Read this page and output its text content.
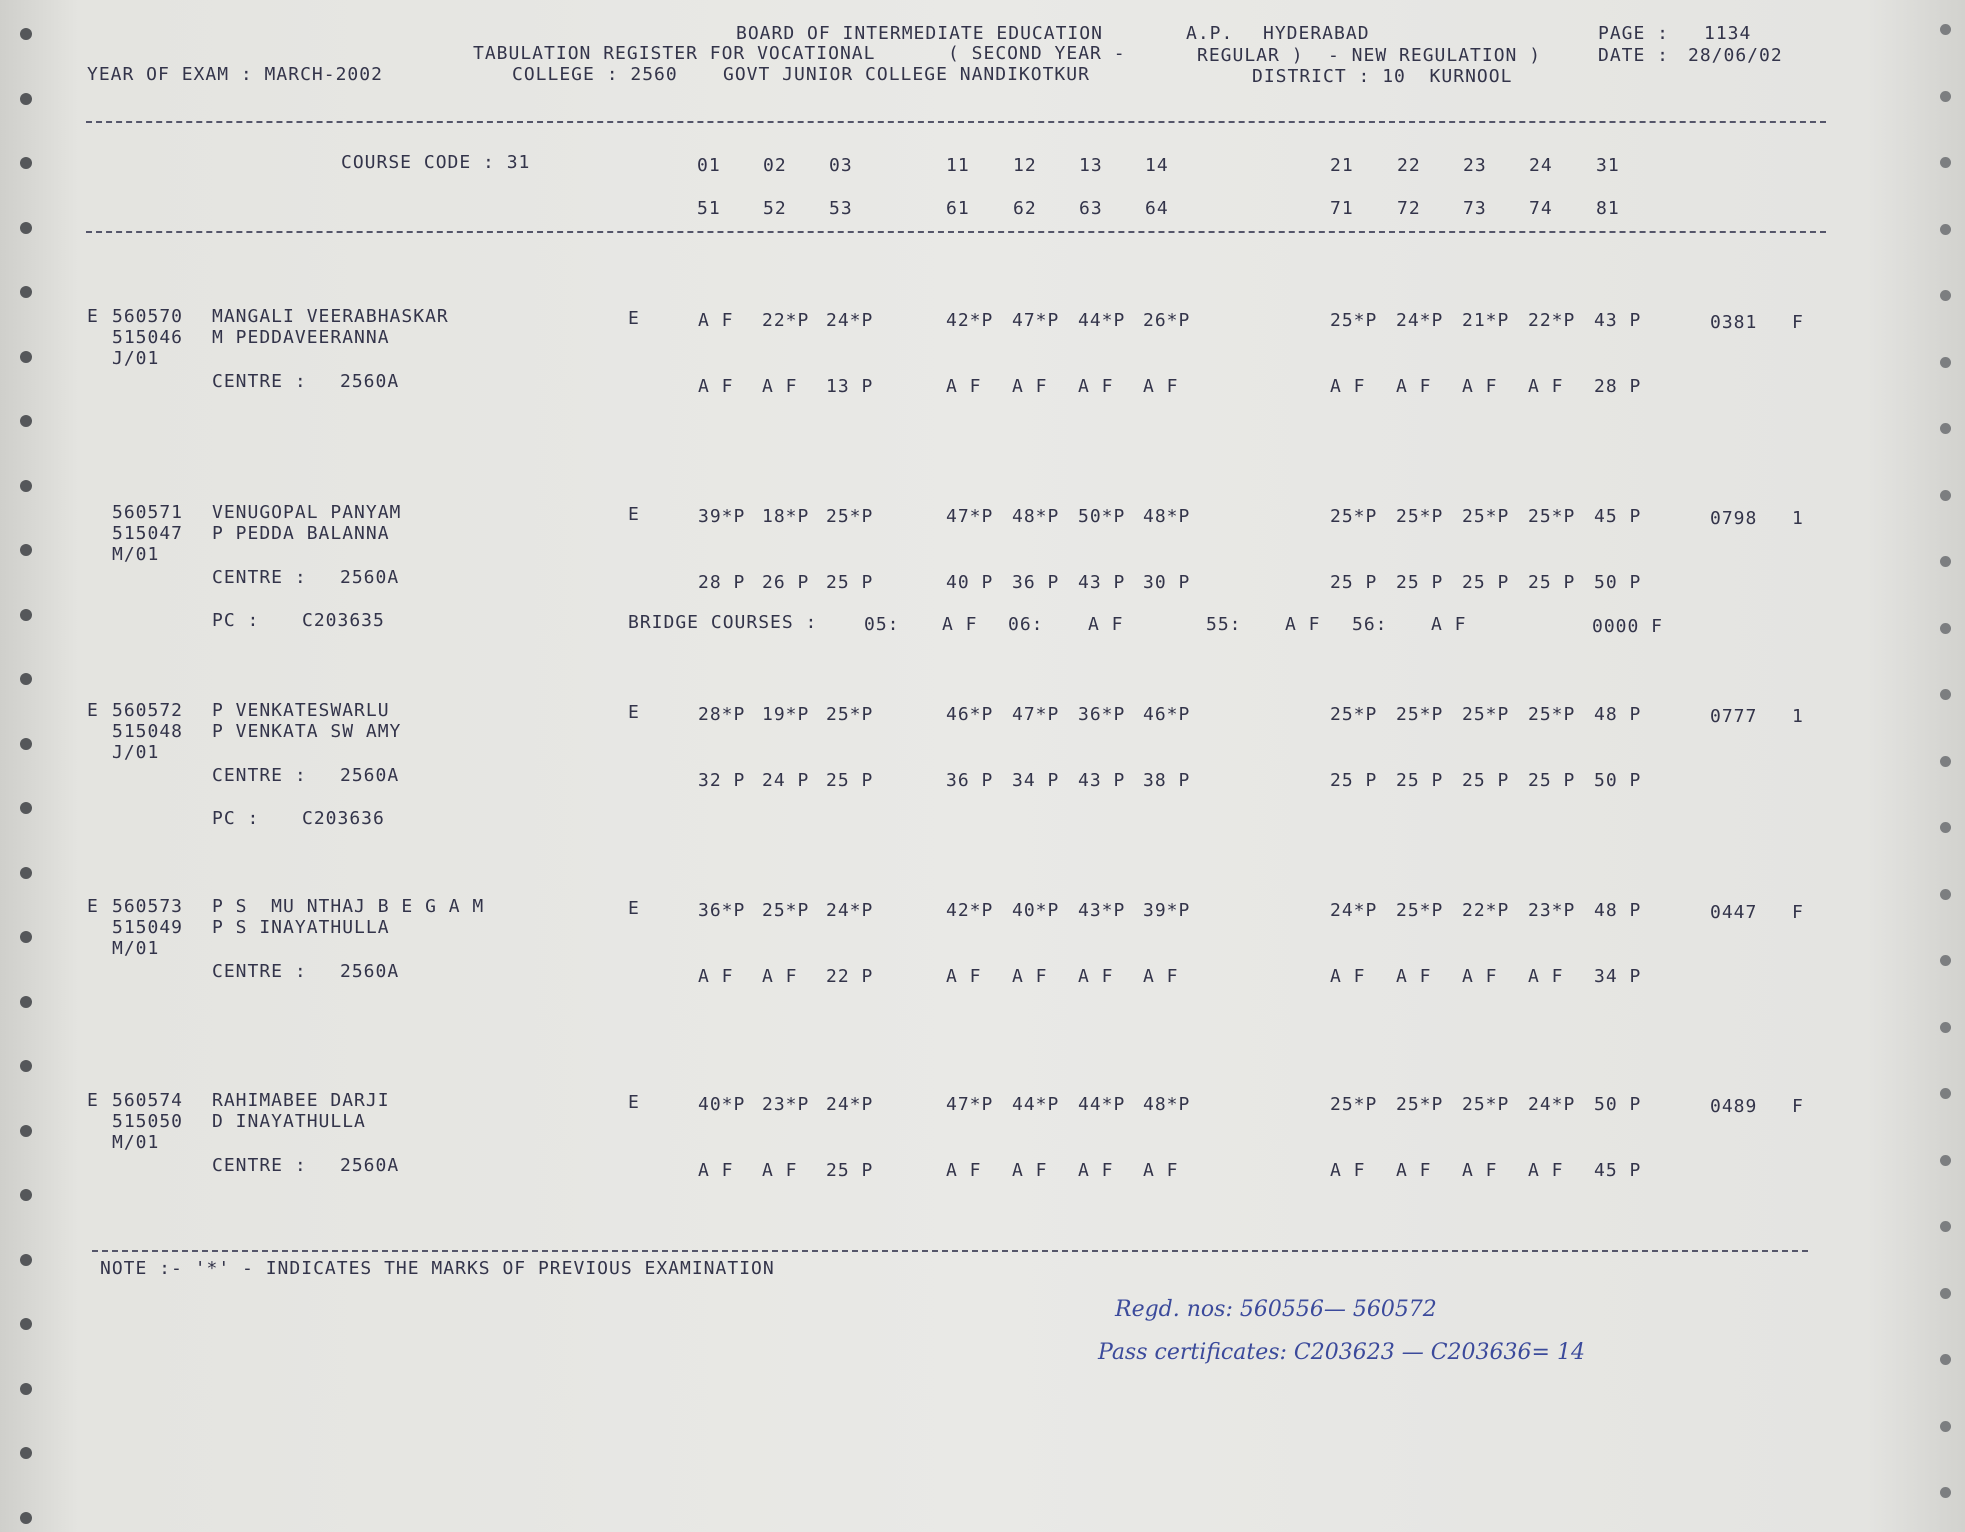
BOARD OF INTERMEDIATE EDUCATION	A.P. HYDERABAD	PAGE : 1134
TABULATION REGISTER FOR VOCATIONAL	( SECOND YEAR -	REGULAR ) - NEW REGULATION )	DATE : 28/06/02
YEAR OF EXAM : MARCH-2002	COLLEGE : 2560	GOVT JUNIOR COLLEGE NANDIKOTKUR	DISTRICT : 10  KURNOOL
COURSE CODE : 31	01 02 03	11 12 13 14	21 22 23 24 31
51 52 53	61 62 63 64	71 72 73 74 81
E 560570 MANGALI VEERABHASKAR
515046 M PEDDAVEERANNA
J/01
CENTRE : 2560A
E	A F 22*P 24*P	42*P 47*P 44*P 26*P	25*P 24*P 21*P 22*P 43 P
A F A F 13 P	A F A F A F A F	A F A F A F A F 28 P
0381 F
560571 VENUGOPAL PANYAM
515047 P PEDDA BALANNA
M/01
CENTRE : 2560A
E	39*P 18*P 25*P	47*P 48*P 50*P 48*P	25*P 25*P 25*P 25*P 45 P
28 P 26 P 25 P	40 P 36 P 43 P 30 P	25 P 25 P 25 P 25 P 50 P
0798 1
PC : C203635	BRIDGE COURSES :	05: A F 06: A F	55: A F 56: A F	0000 F
E 560572 P VENKATESWARLU
515048 P VENKATA SW AMY
J/01
CENTRE : 2560A
E	28*P 19*P 25*P	46*P 47*P 36*P 46*P	25*P 25*P 25*P 25*P 48 P
32 P 24 P 25 P	36 P 34 P 43 P 38 P	25 P 25 P 25 P 25 P 50 P
0777 1
PC : C203636
E 560573 P S  MU NTHAJ B E G A M
515049 P S INAYATHULLA
M/01
CENTRE : 2560A
E	36*P 25*P 24*P	42*P 40*P 43*P 39*P	24*P 25*P 22*P 23*P 48 P
A F A F 22 P	A F A F A F A F	A F A F A F A F 34 P
0447 F
E 560574 RAHIMABEE DARJI
515050 D INAYATHULLA
M/01
CENTRE : 2560A
E	40*P 23*P 24*P	47*P 44*P 44*P 48*P	25*P 25*P 25*P 24*P 50 P
A F A F 25 P	A F A F A F A F	A F A F A F A F 45 P
0489 F
NOTE :- '*' - INDICATES THE MARKS OF PREVIOUS EXAMINATION
Regd. nos: 560556— 560572
Pass certificates: C203623 — C203636= 14
